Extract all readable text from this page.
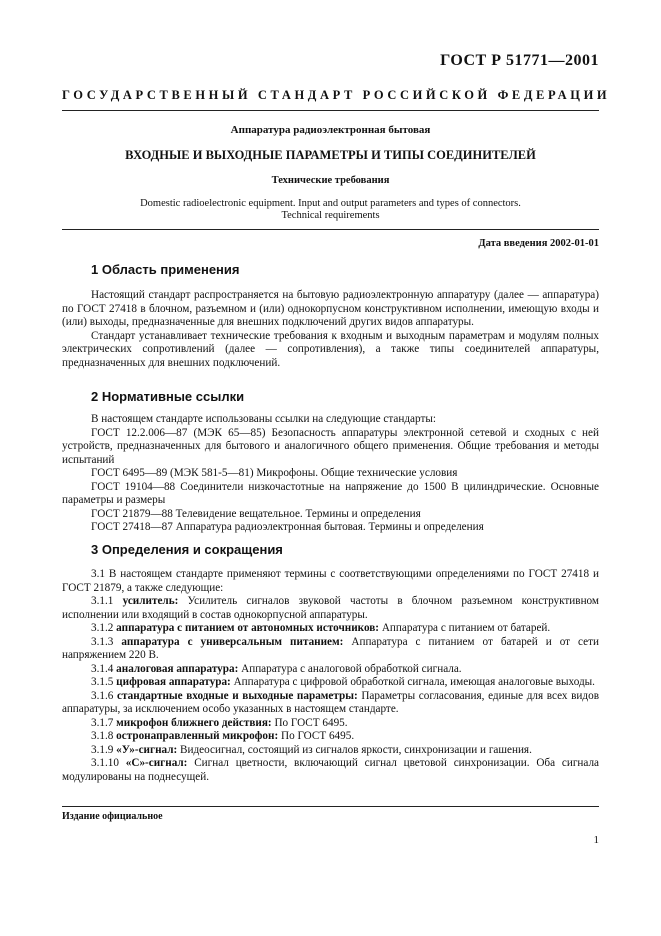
ГОСТ Р 51771—2001
ГОСУДАРСТВЕННЫЙ СТАНДАРТ РОССИЙСКОЙ ФЕДЕРАЦИИ
Аппаратура радиоэлектронная бытовая
ВХОДНЫЕ И ВЫХОДНЫЕ ПАРАМЕТРЫ И ТИПЫ СОЕДИНИТЕЛЕЙ
Технические требования
Domestic radioelectronic equipment. Input and output parameters and types of connectors.
Technical requirements
Дата введения 2002-01-01
1 Область применения

Настоящий стандарт распространяется на бытовую радиоэлектронную аппаратуру (далее — аппаратура) по ГОСТ 27418 в блочном, разъемном и (или) однокорпусном конструктивном исполнении, имеющую входы и (или) выходы, предназначенные для внешних подключений других видов аппаратуры.

Стандарт устанавливает технические требования к входным и выходным параметрам и модулям полных электрических сопротивлений (далее — сопротивления), а также типы соединителей аппаратуры, предназначенных для внешних подключений.

2 Нормативные ссылки

В настоящем стандарте использованы ссылки на следующие стандарты:

ГОСТ 12.2.006—87 (МЭК 65—85) Безопасность аппаратуры электронной сетевой и сходных с ней устройств, предназначенных для бытового и аналогичного общего применения. Общие требования и методы испытаний

ГОСТ 6495—89 (МЭК 581-5—81) Микрофоны. Общие технические условия

ГОСТ 19104—88 Соединители низкочастотные на напряжение до 1500 В цилиндрические. Основные параметры и размеры

ГОСТ 21879—88 Телевидение вещательное. Термины и определения

ГОСТ 27418—87 Аппаратура радиоэлектронная бытовая. Термины и определения

3 Определения и сокращения

3.1 В настоящем стандарте применяют термины с соответствующими определениями по ГОСТ 27418 и ГОСТ 21879, а также следующие:

3.1.1 усилитель: Усилитель сигналов звуковой частоты в блочном разъемном конструктивном исполнении или входящий в состав однокорпусной аппаратуры.

3.1.2 аппаратура с питанием от автономных источников: Аппаратура с питанием от батарей.

3.1.3 аппаратура с универсальным питанием: Аппаратура с питанием от батарей и от сети напряжением 220 В.

3.1.4 аналоговая аппаратура: Аппаратура с аналоговой обработкой сигнала.

3.1.5 цифровая аппаратура: Аппаратура с цифровой обработкой сигнала, имеющая аналоговые выходы.

3.1.6 стандартные входные и выходные параметры: Параметры согласования, единые для всех видов аппаратуры, за исключением особо указанных в настоящем стандарте.

3.1.7 микрофон ближнего действия: По ГОСТ 6495.

3.1.8 остронаправленный микрофон: По ГОСТ 6495.

3.1.9 «У»-сигнал: Видеосигнал, состоящий из сигналов яркости, синхронизации и гашения.

3.1.10 «С»-сигнал: Сигнал цветности, включающий сигнал цветовой синхронизации. Оба сигнала модулированы на поднесущей.

Издание официальное
1
